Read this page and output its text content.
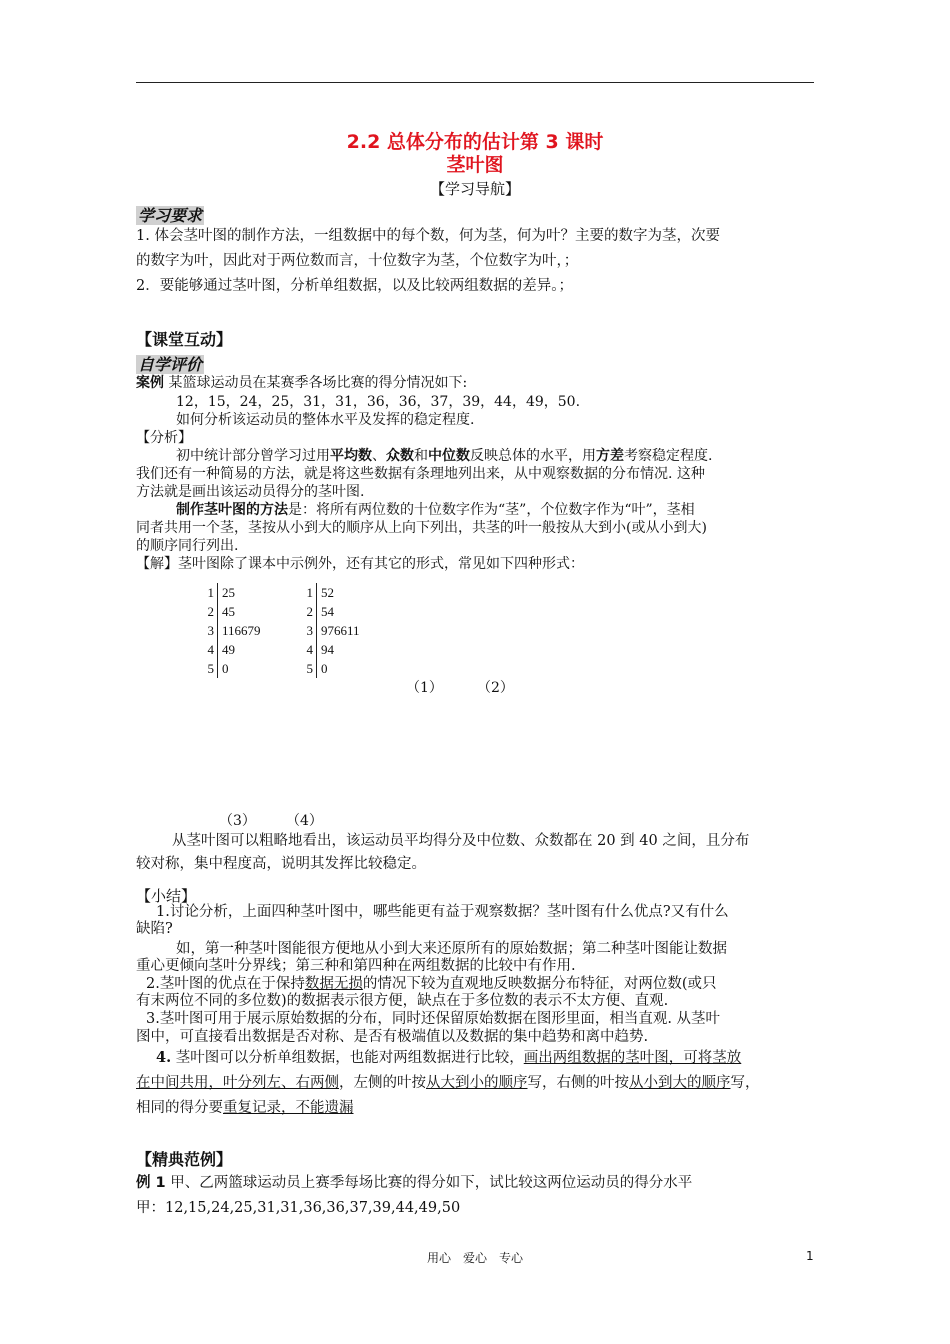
2.2 总体分布的估计第 3 课时
茎叶图
【学习导航】
学习要求
1. 体会茎叶图的制作方法，一组数据中的每个数，何为茎，何为叶？主要的数字为茎，次要
的数字为叶，因此对于两位数而言，十位数字为茎，个位数字为叶，；
2．要能够通过茎叶图，分析单组数据，以及比较两组数据的差异。；
【课堂互动】
自学评价
案例 某篮球运动员在某赛季各场比赛的得分情况如下:
12，15，24，25，31，31，36，36，37，39，44，49，50.
如何分析该运动员的整体水平及发挥的稳定程度.
【分析】
初中统计部分曾学习过用平均数、众数和中位数反映总体的水平，用方差考察稳定程度.
我们还有一种简易的方法，就是将这些数据有条理地列出来，从中观察数据的分布情况. 这种
方法就是画出该运动员得分的茎叶图.
制作茎叶图的方法是：将所有两位数的十位数字作为“茎”，个位数字作为“叶”，茎相
同者共用一个茎，茎按从小到大的顺序从上向下列出，共茎的叶一般按从大到小(或从小到大)
的顺序同行列出.
【解】茎叶图除了课本中示例外，还有其它的形式，常见如下四种形式：
1 25
2 45
3 116679
4 49
5 0
1 52
2 54
3 976611
4 94
5 0
（1） （2）
（3） （4）
从茎叶图可以粗略地看出，该运动员平均得分及中位数、众数都在 20 到 40 之间，且分布
较对称，集中程度高，说明其发挥比较稳定。
【小结】
1.讨论分析，上面四种茎叶图中，哪些能更有益于观察数据？茎叶图有什么优点?又有什么
缺陷?
如，第一种茎叶图能很方便地从小到大来还原所有的原始数据；第二种茎叶图能让数据
重心更倾向茎叶分界线；第三种和第四种在两组数据的比较中有作用.
2.茎叶图的优点在于保持数据无损的情况下较为直观地反映数据分布特征，对两位数(或只
有末两位不同的多位数)的数据表示很方便，缺点在于多位数的表示不太方便、直观.
3.茎叶图可用于展示原始数据的分布，同时还保留原始数据在图形里面，相当直观. 从茎叶
图中，可直接看出数据是否对称、是否有极端值以及数据的集中趋势和离中趋势.
4. 茎叶图可以分析单组数据，也能对两组数据进行比较，画出两组数据的茎叶图，可将茎放
在中间共用，叶分列左、右两侧，左侧的叶按从大到小的顺序写，右侧的叶按从小到大的顺序写，
相同的得分要重复记录，不能遗漏
【精典范例】
例 1 甲、乙两篮球运动员上赛季每场比赛的得分如下，试比较这两位运动员的得分水平
甲：12,15,24,25,31,31,36,36,37,39,44,49,50
用心　爱心　专心	1
